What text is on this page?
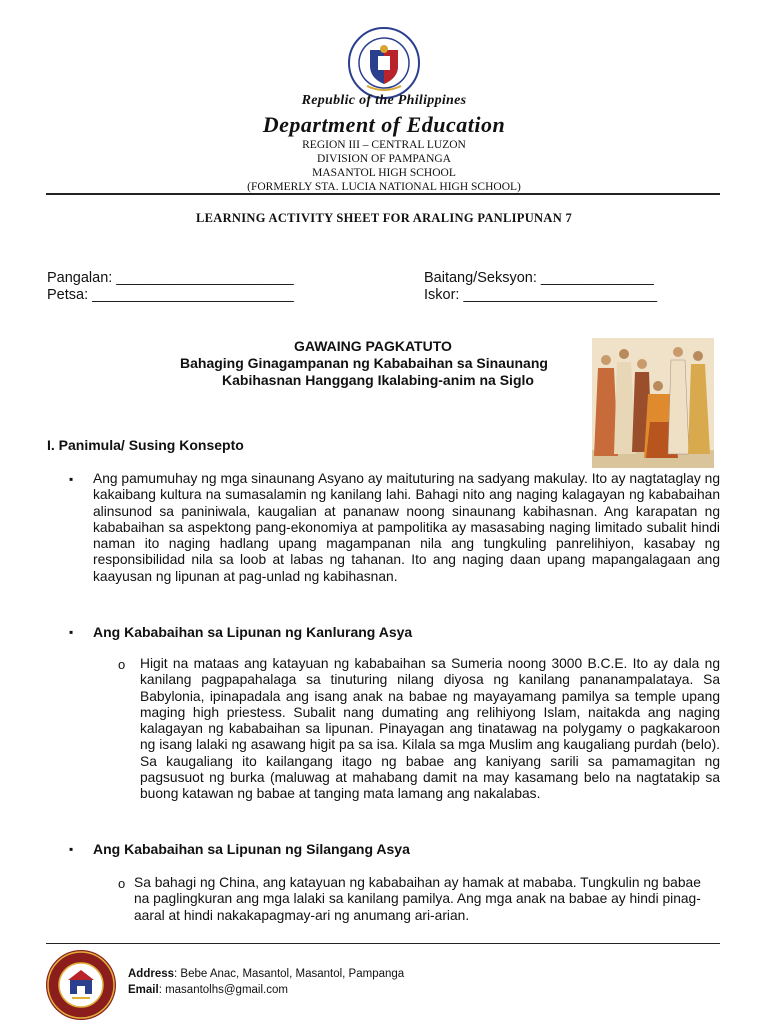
Republic of the Philippines
Department of Education
REGION III – CENTRAL LUZON
DIVISION OF PAMPANGA
MASANTOL HIGH SCHOOL
(FORMERLY STA. LUCIA NATIONAL HIGH SCHOOL)
LEARNING ACTIVITY SHEET FOR ARALING PANLIPUNAN 7
Pangalan: ______________________
Petsa: _________________________
Baitang/Seksyon: ______________
Iskor: ________________________
GAWAING PAGKATUTO
Bahaging Ginagampanan ng Kababaihan sa Sinaunang
Kabihasnan Hanggang Ikalabing-anim na Siglo
I. Panimula/ Susing Konsepto
▪ Ang pamumuhay ng mga sinaunang Asyano ay maituturing na sadyang makulay. Ito ay nagtataglay ng kakaibang kultura na sumasalamin ng kanilang lahi. Bahagi nito ang naging kalagayan ng kababaihan alinsunod sa paniniwala, kaugalian at pananaw noong sinaunang kabihasnan. Ang karapatan ng kababaihan sa aspektong pang-ekonomiya at pampolitika ay masasabing naging limitado subalit hindi naman ito naging hadlang upang magampanan nila ang tungkuling panrelihiyon, kasabay ng responsibilidad nila sa loob at labas ng tahanan. Ito ang naging daan upang mapangalagaan ang kaayusan ng lipunan at pag-unlad ng kabihasnan.
▪ Ang Kababaihan sa Lipunan ng Kanlurang Asya
o Higit na mataas ang katayuan ng kababaihan sa Sumeria noong 3000 B.C.E. Ito ay dala ng kanilang pagpapahalaga sa tinuturing nilang diyosa ng kanilang pananampalataya. Sa Babylonia, ipinapadala ang isang anak na babae ng mayayamang pamilya sa temple upang maging high priestess. Subalit nang dumating ang relihiyong Islam, naitakda ang naging kalagayan ng kababaihan sa lipunan. Pinayagan ang tinatawag na polygamy o pagkakaroon ng isang lalaki ng asawang higit pa sa isa. Kilala sa mga Muslim ang kaugaliang purdah (belo). Sa kaugaliang ito kailangang itago ng babae ang kaniyang sarili sa pamamagitan ng pagsusuot ng burka (maluwag at mahabang damit na may kasamang belo na nagtatakip sa buong katawan ng babae at tanging mata lamang ang nakalabas.
▪ Ang Kababaihan sa Lipunan ng Silangang Asya
o Sa bahagi ng China, ang katayuan ng kababaihan ay hamak at mababa. Tungkulin ng babae na paglingkuran ang mga lalaki sa kanilang pamilya. Ang mga anak na babae ay hindi pinag-aaral at hindi nakakapagmay-ari ng anumang ari-arian.
Address: Bebe Anac, Masantol, Masantol, Pampanga
Email: masantolhs@gmail.com
